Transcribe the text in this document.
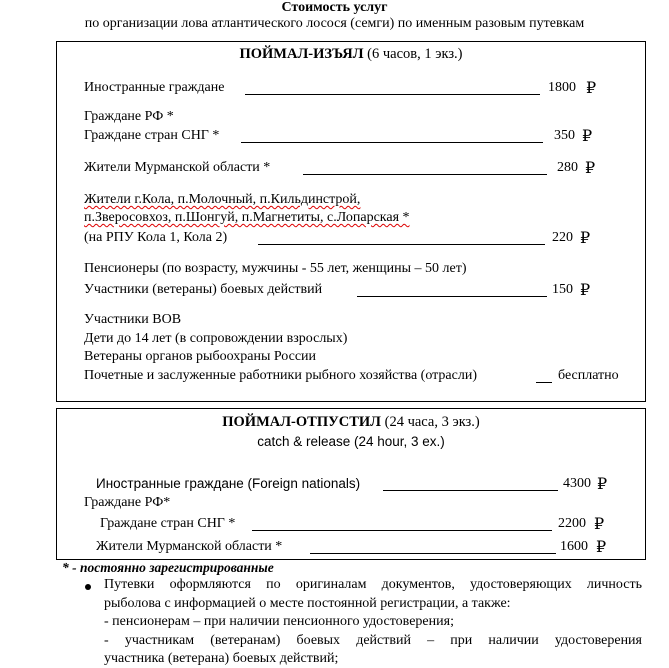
Стоимость услуг
по организации лова атлантического лосося (семги) по именным разовым путевкам
ПОЙМАЛ-ИЗЪЯЛ (6 часов, 1 экз.)
Иностранные граждане	1800 ₽
Граждане РФ *
Граждане стран СНГ *	350 ₽
Жители Мурманской области *	280 ₽
Жители г.Кола, п.Молочный, п.Кильдинстрой,
п.Зверосовхоз, п.Шонгуй, п.Магнетиты, с.Лопарская *
(на РПУ Кола 1, Кола 2)	220 ₽
Пенсионеры (по возрасту, мужчины - 55 лет, женщины – 50 лет)
Участники (ветераны) боевых действий	150 ₽
Участники ВОВ
Дети до 14 лет (в сопровождении взрослых)
Ветераны органов рыбоохраны России
Почетные и заслуженные работники рыбного хозяйства (отрасли)	бесплатно
ПОЙМАЛ-ОТПУСТИЛ (24 часа, 3 экз.)
catch & release (24 hour, 3 ex.)
Иностранные граждане (Foreign nationals)	4300 ₽
Граждане РФ*
Граждане стран СНГ *	2200 ₽
Жители Мурманской области *	1600 ₽
* - постоянно зарегистрированные
Путевки оформляются по оригиналам документов, удостоверяющих личность
рыболова с информацией о месте постоянной регистрации, а также:
- пенсионерам – при наличии пенсионного удостоверения;
- участникам (ветеранам) боевых действий – при наличии удостоверения
участника (ветерана) боевых действий;
